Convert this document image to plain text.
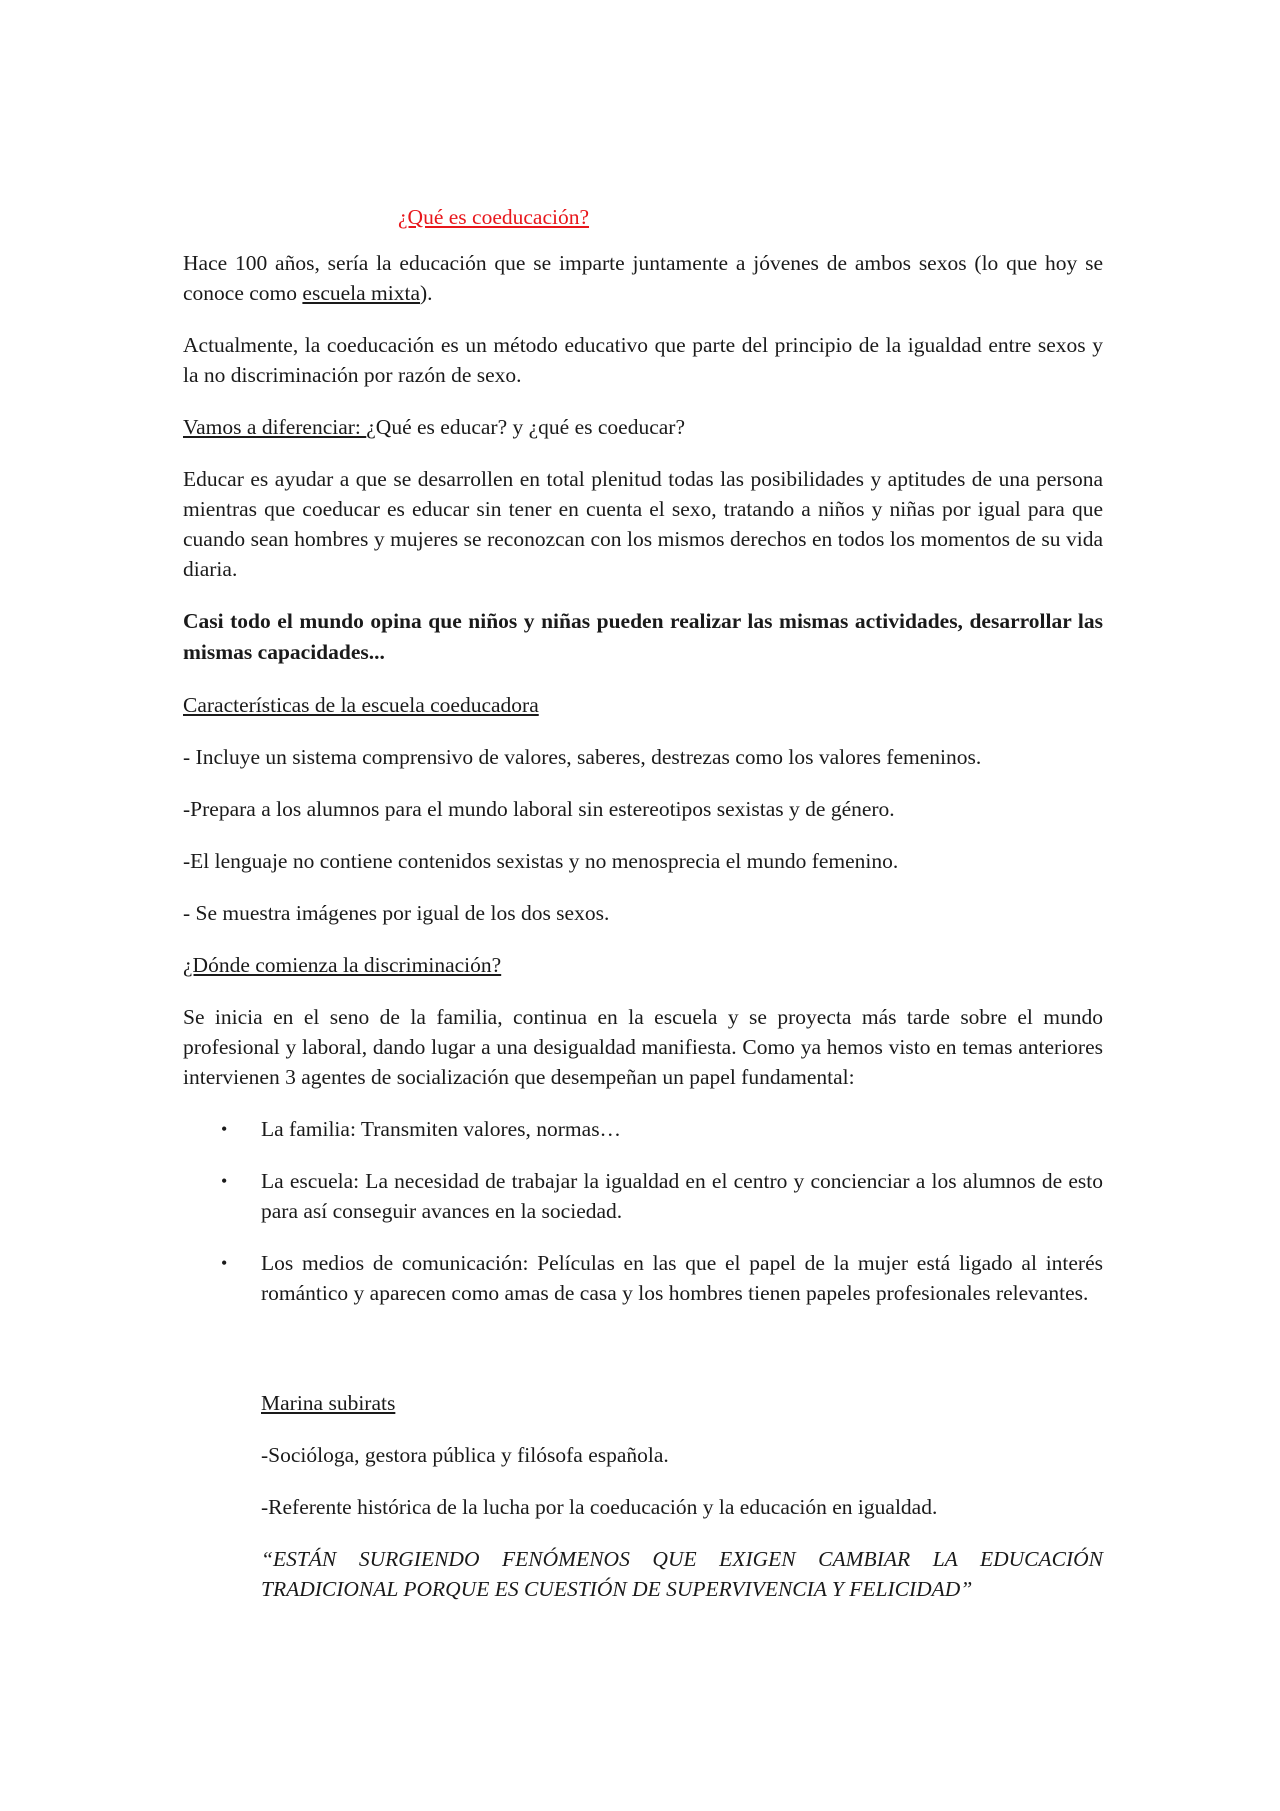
¿Qué es coeducación?

Hace 100 años, sería la educación que se imparte juntamente a jóvenes de ambos sexos (lo que hoy se conoce como escuela mixta).

Actualmente, la coeducación es un método educativo que parte del principio de la igualdad entre sexos y la no discriminación por razón de sexo.

Vamos a diferenciar: ¿Qué es educar? y ¿qué es coeducar?

Educar es ayudar a que se desarrollen en total plenitud todas las posibilidades y aptitudes de una persona mientras que coeducar es educar sin tener en cuenta el sexo, tratando a niños y niñas por igual para que cuando sean hombres y mujeres se reconozcan con los mismos derechos en todos los momentos de su vida diaria.

Casi todo el mundo opina que niños y niñas pueden realizar las mismas actividades, desarrollar las mismas capacidades...

Características de la escuela coeducadora

- Incluye un sistema comprensivo de valores, saberes, destrezas como los valores femeninos.

-Prepara a los alumnos para el mundo laboral sin estereotipos sexistas y de género.

-El lenguaje no contiene contenidos sexistas y no menosprecia el mundo femenino.

- Se muestra imágenes por igual de los dos sexos.

¿Dónde comienza la discriminación?

Se inicia en el seno de la familia, continua en la escuela y se proyecta más tarde sobre el mundo profesional y laboral, dando lugar a una desigualdad manifiesta. Como ya hemos visto en temas anteriores intervienen 3 agentes de socialización que desempeñan un papel fundamental:

• La familia: Transmiten valores, normas…
• La escuela: La necesidad de trabajar la igualdad en el centro y concienciar a los alumnos de esto para así conseguir avances en la sociedad.
• Los medios de comunicación: Películas en las que el papel de la mujer está ligado al interés romántico y aparecen como amas de casa y los hombres tienen papeles profesionales relevantes.

Marina subirats

-Socióloga, gestora pública y filósofa española.

-Referente histórica de la lucha por la coeducación y la educación en igualdad.

“ESTÁN SURGIENDO FENÓMENOS QUE EXIGEN CAMBIAR LA EDUCACIÓN TRADICIONAL PORQUE ES CUESTIÓN DE SUPERVIVENCIA Y FELICIDAD”
